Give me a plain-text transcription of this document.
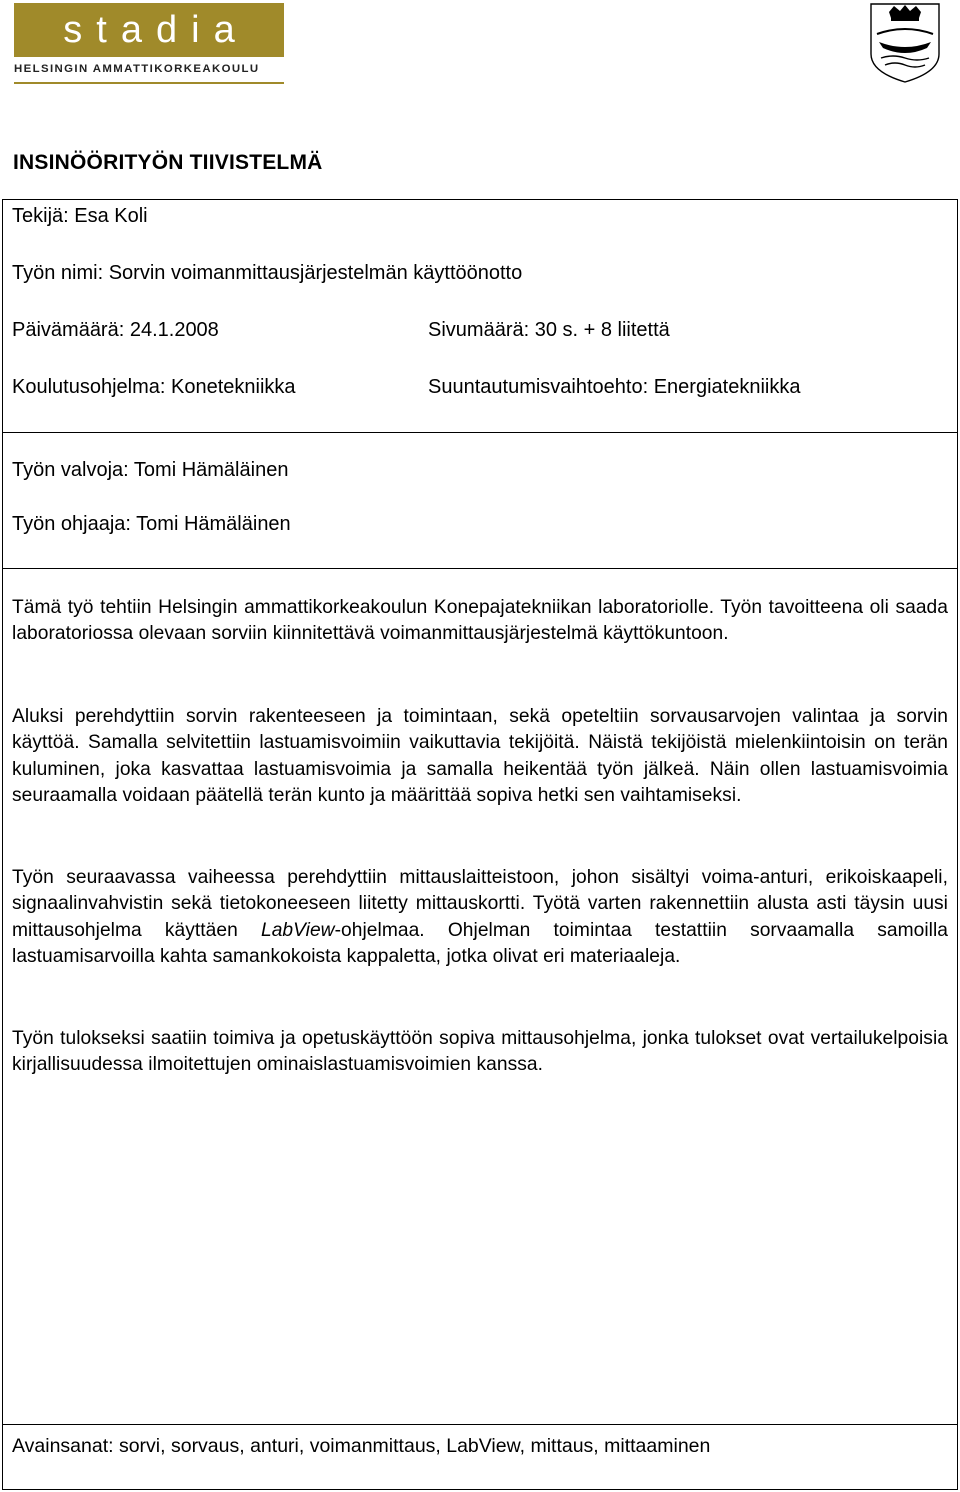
stadia
HELSINGIN AMMATTIKORKEAKOULU
INSINÖÖRITYÖN TIIVISTELMÄ
Tekijä: Esa Koli
Työn nimi: Sorvin voimanmittausjärjestelmän käyttöönotto
Päivämäärä: 24.1.2008	Sivumäärä: 30 s. + 8 liitettä
Koulutusohjelma: Konetekniikka	Suuntautumisvaihtoehto: Energiatekniikka
Työn valvoja: Tomi Hämäläinen
Työn ohjaaja: Tomi Hämäläinen

Tämä työ tehtiin Helsingin ammattikorkeakoulun Konepajatekniikan laboratoriolle. Työn tavoitteena oli saada laboratoriossa olevaan sorviin kiinnitettävä voimanmittausjärjestelmä käyttökuntoon.

Aluksi perehdyttiin sorvin rakenteeseen ja toimintaan, sekä opeteltiin sorvausarvojen valintaa ja sorvin käyttöä. Samalla selvitettiin lastuamisvoimiin vaikuttavia tekijöitä. Näistä tekijöistä mielenkiintoisin on terän kuluminen, joka kasvattaa lastuamisvoimia ja samalla heikentää työn jälkeä. Näin ollen lastuamisvoimia seuraamalla voidaan päätellä terän kunto ja määrittää sopiva hetki sen vaihtamiseksi.

Työn seuraavassa vaiheessa perehdyttiin mittauslaitteistoon, johon sisältyi voima-anturi, erikoiskaapeli, signaalinvahvistin sekä tietokoneeseen liitetty mittauskortti. Työtä varten rakennettiin alusta asti täysin uusi mittausohjelma käyttäen LabView-ohjelmaa. Ohjelman toimintaa testattiin sorvaamalla samoilla lastuamisarvoilla kahta samankokoista kappaletta, jotka olivat eri materiaaleja.

Työn tulokseksi saatiin toimiva ja opetuskäyttöön sopiva mittausohjelma, jonka tulokset ovat vertailukelpoisia kirjallisuudessa ilmoitettujen ominaislastuamisvoimien kanssa.

Avainsanat: sorvi, sorvaus, anturi, voimanmittaus, LabView, mittaus, mittaaminen
